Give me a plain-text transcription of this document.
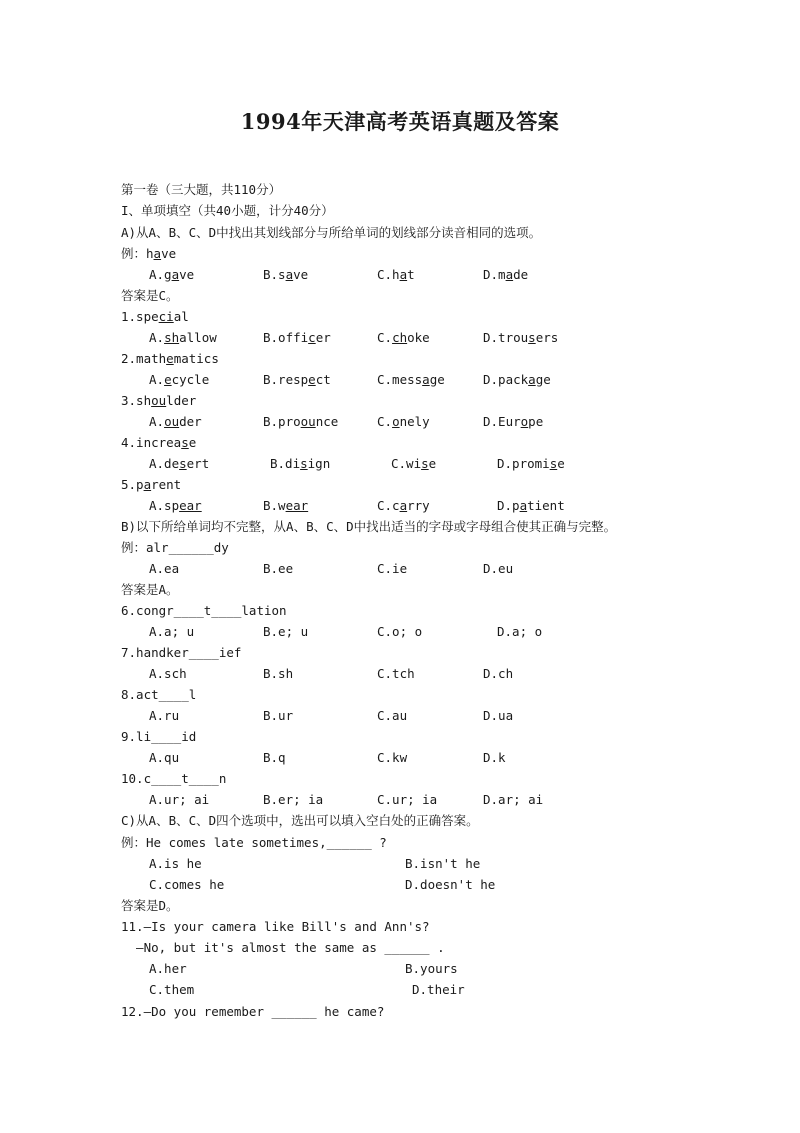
1994年天津高考英语真题及答案
第一卷（三大题，共110分）
I、单项填空（共40小题，计分40分）
A)从A、B、C、D中找出其划线部分与所给单词的划线部分读音相同的选项。
例：have
A.gave	B.save	C.hat	D.made
答案是C。
1.special
A.shallow	B.officer	C.choke	D.trousers
2.mathematics
A.ecycle	B.respect	C.message	D.package
3.shoulder
A.ouder	B.proounce	C.onely	D.Europe
4.increase
A.desert	B.disign	C.wise	D.promise
5.parent
A.spear	B.wear	C.carry	D.patient
B)以下所给单词均不完整，从A、B、C、D中找出适当的字母或字母组合使其正确与完整。
例：alr______dy
A.ea	B.ee	C.ie	D.eu
答案是A。
6.congr____t____lation
A.a; u	B.e; u	C.o; o	D.a; o
7.handker____ief
A.sch	B.sh	C.tch	D.ch
8.act____l
A.ru	B.ur	C.au	D.ua
9.li____id
A.qu	B.q	C.kw	D.k
10.c____t____n
A.ur; ai	B.er; ia	C.ur; ia	D.ar; ai
C)从A、B、C、D四个选项中，选出可以填入空白处的正确答案。
例：He comes late sometimes,______ ?
A.is he	B.isn't he
C.comes he	D.doesn't he
答案是D。
11.—Is your camera like Bill's and Ann's?
—No, but it's almost the same as ______ .
A.her	B.yours
C.them	D.their
12.—Do you remember ______ he came?
